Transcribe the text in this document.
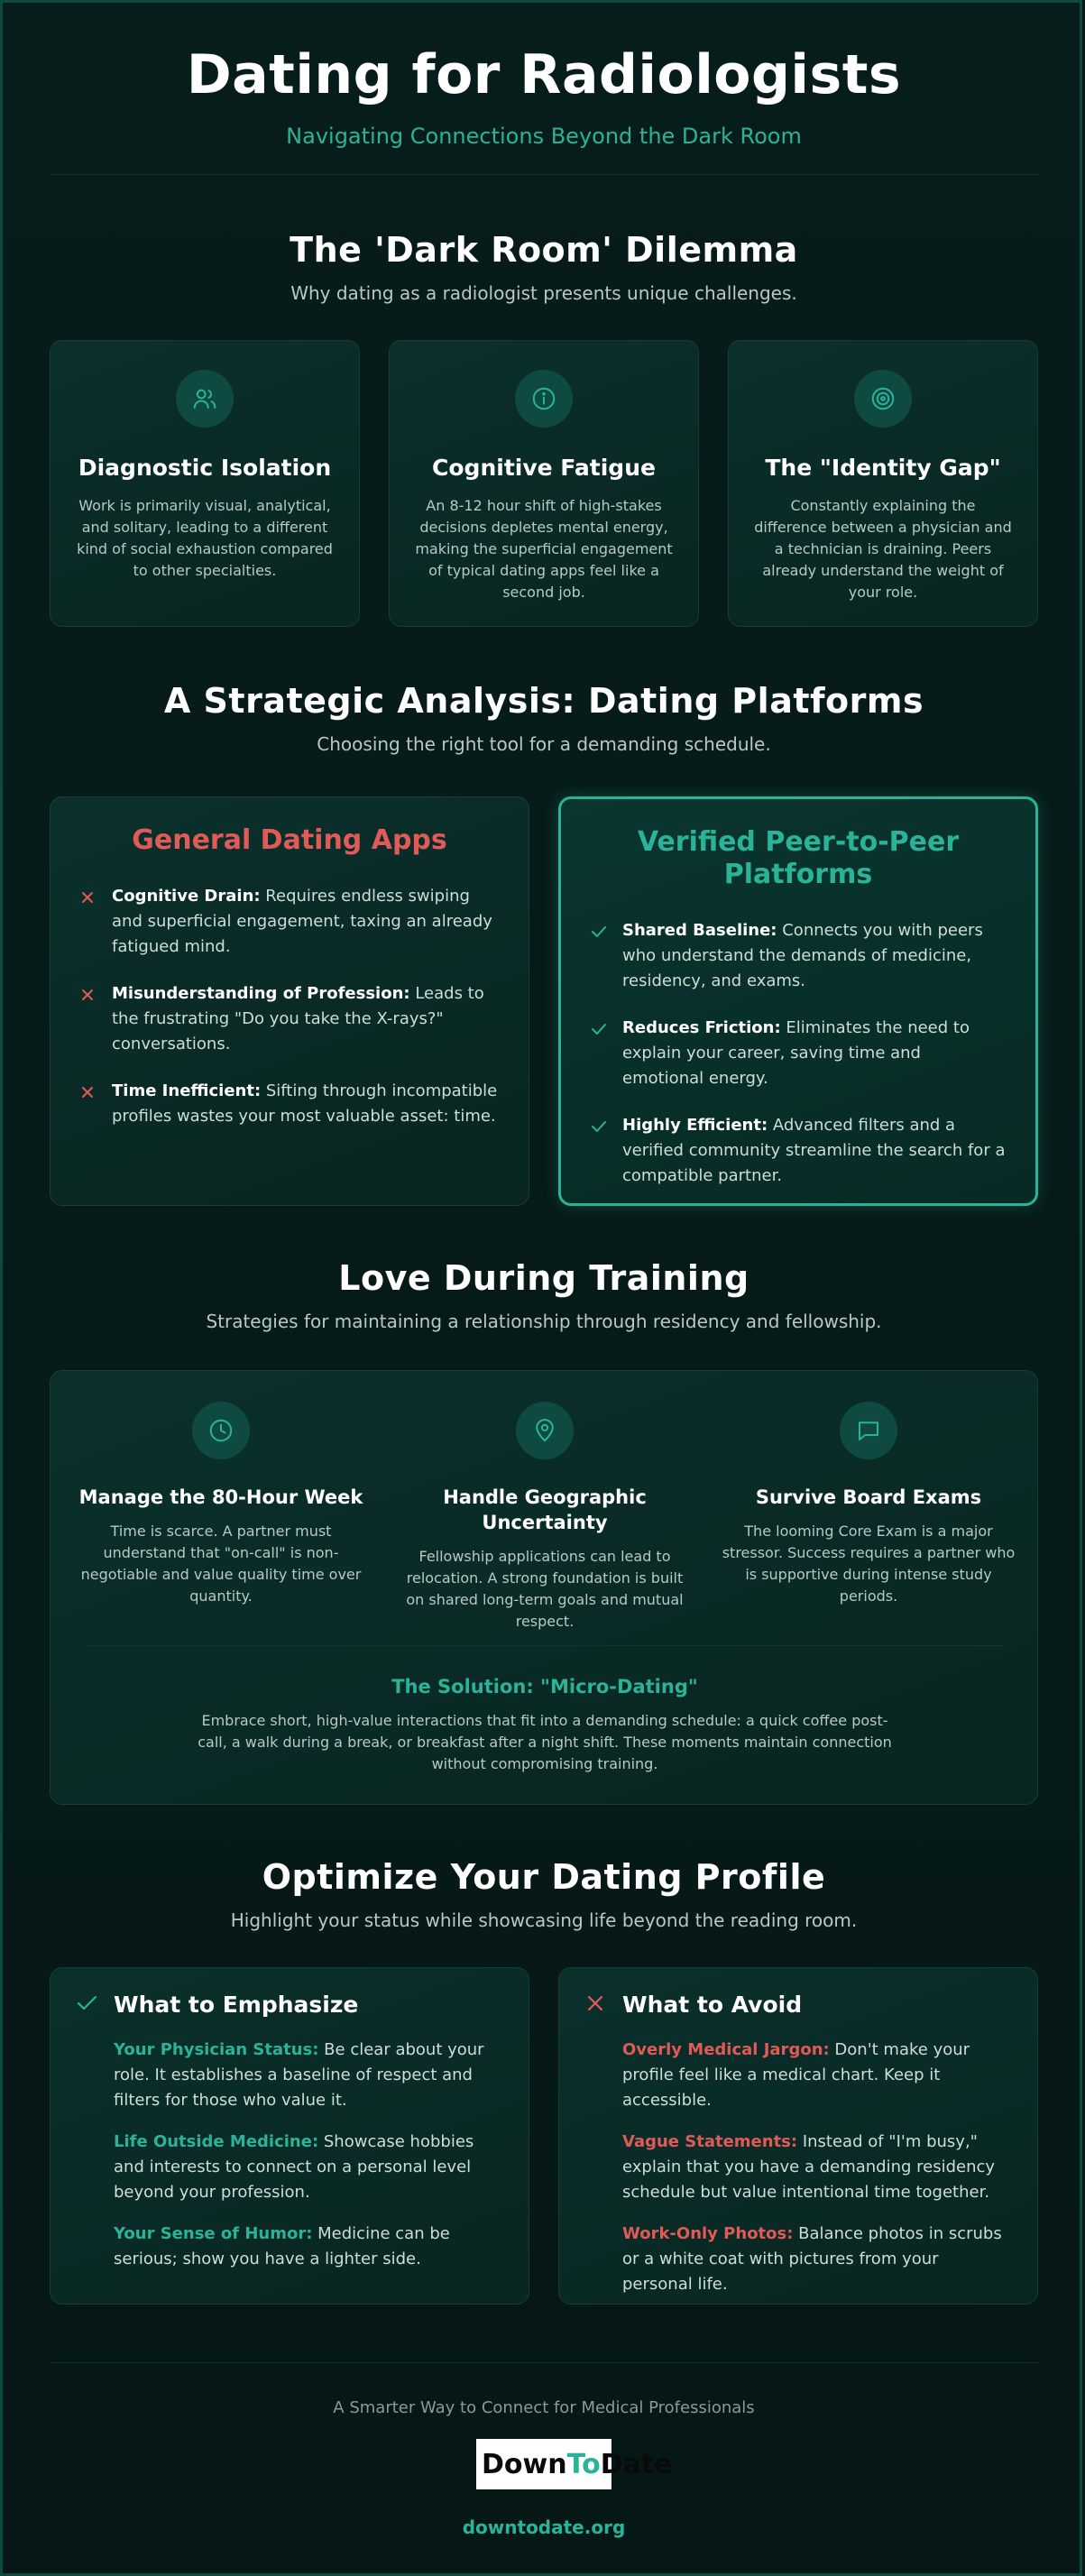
Dating for Radiologists

Navigating Connections Beyond the Dark Room

The 'Dark Room' Dilemma

Why dating as a radiologist presents unique challenges.

Diagnostic Isolation

Work is primarily visual, analytical, and solitary, leading to a different kind of social exhaustion compared to other specialties.

Cognitive Fatigue

An 8-12 hour shift of high-stakes decisions depletes mental energy, making the superficial engagement of typical dating apps feel like a second job.

The "Identity Gap"

Constantly explaining the difference between a physician and a technician is draining. Peers already understand the weight of your role.

A Strategic Analysis: Dating Platforms

Choosing the right tool for a demanding schedule.

General Dating Apps
Cognitive Drain: Requires endless swiping and superficial engagement, taxing an already fatigued mind.
Misunderstanding of Profession: Leads to the frustrating "Do you take the X-rays?" conversations.
Time Inefficient: Sifting through incompatible profiles wastes your most valuable asset: time.
Verified Peer-to-Peer Platforms
Shared Baseline: Connects you with peers who understand the demands of medicine, residency, and exams.
Reduces Friction: Eliminates the need to explain your career, saving time and emotional energy.
Highly Efficient: Advanced filters and a verified community streamline the search for a compatible partner.
Love During Training

Strategies for maintaining a relationship through residency and fellowship.

Manage the 80-Hour Week

Time is scarce. A partner must understand that "on-call" is non-negotiable and value quality time over quantity.

Handle Geographic Uncertainty

Fellowship applications can lead to relocation. A strong foundation is built on shared long-term goals and mutual respect.

Survive Board Exams

The looming Core Exam is a major stressor. Success requires a partner who is supportive during intense study periods.

The Solution: "Micro-Dating"

Embrace short, high-value interactions that fit into a demanding schedule: a quick coffee post-call, a walk during a break, or breakfast after a night shift. These moments maintain connection without compromising training.

Optimize Your Dating Profile

Highlight your status while showcasing life beyond the reading room.

What to Emphasize

Your Physician Status: Be clear about your role. It establishes a baseline of respect and filters for those who value it.

Life Outside Medicine: Showcase hobbies and interests to connect on a personal level beyond your profession.

Your Sense of Humor: Medicine can be serious; show you have a lighter side.

What to Avoid

Overly Medical Jargon: Don't make your profile feel like a medical chart. Keep it accessible.

Vague Statements: Instead of "I'm busy," explain that you have a demanding residency schedule but value intentional time together.

Work-Only Photos: Balance photos in scrubs or a white coat with pictures from your personal life.

A Smarter Way to Connect for Medical Professionals
Down To Date
downtodate.org
